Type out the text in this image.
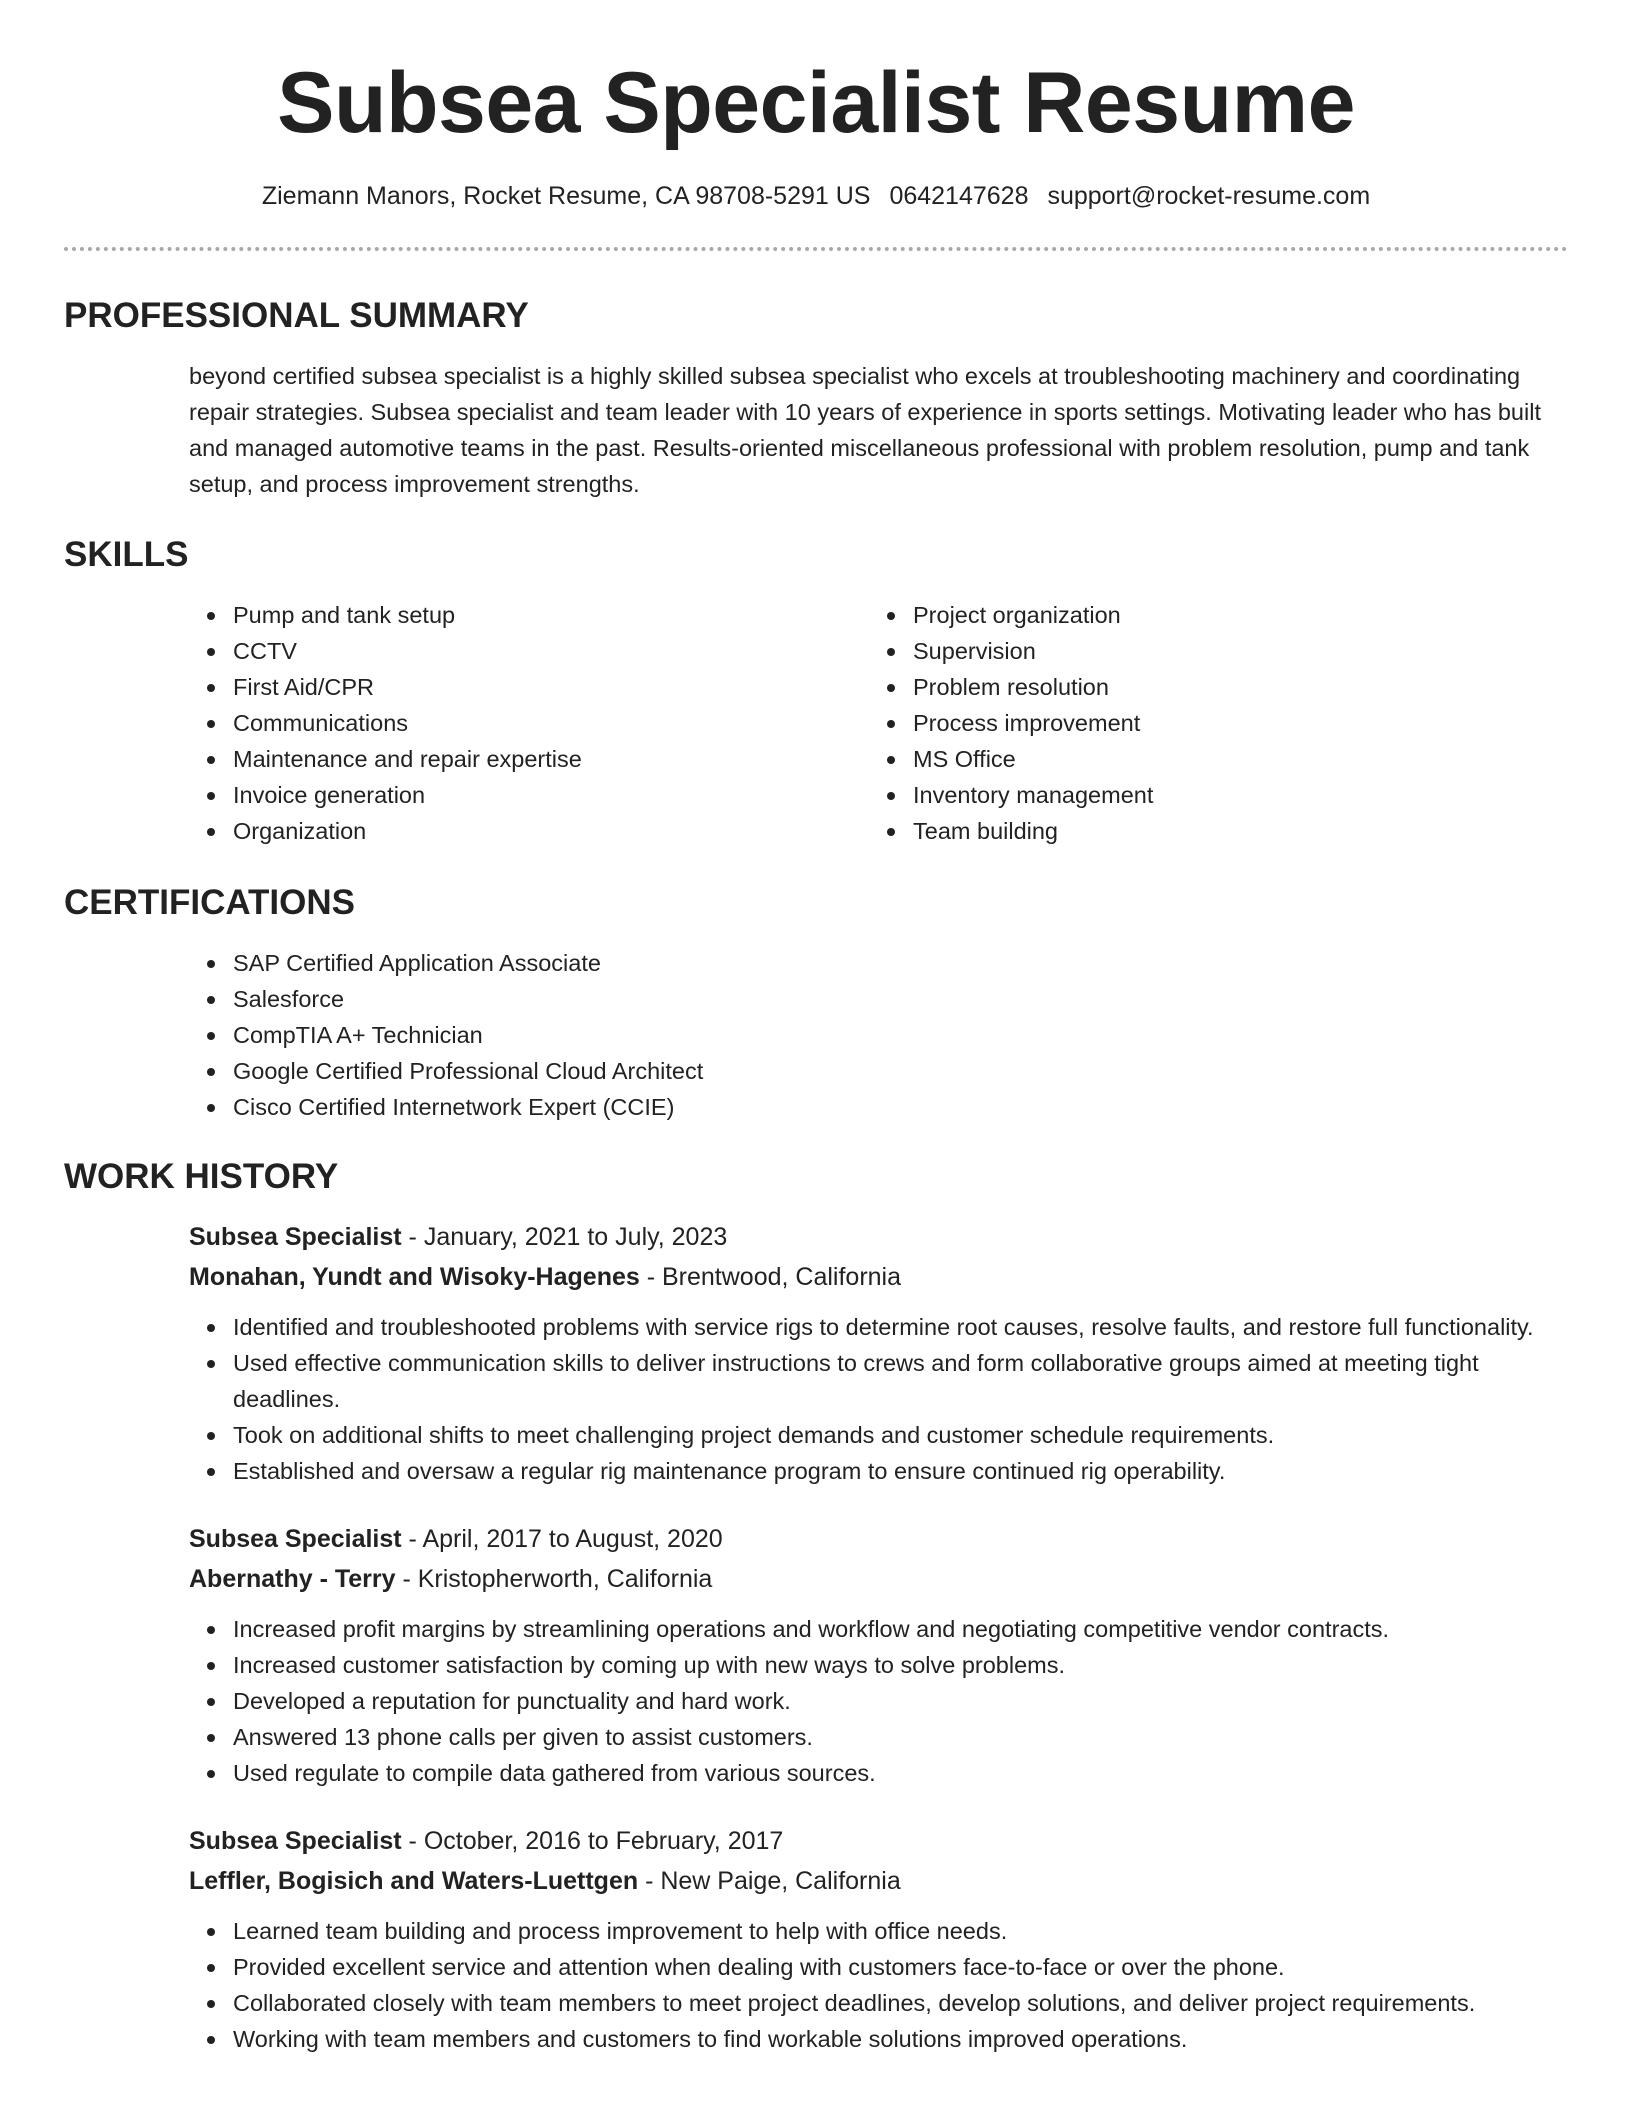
Subsea Specialist Resume
Ziemann Manors, Rocket Resume, CA 98708-5291 US 0642147628 support@rocket-resume.com
PROFESSIONAL SUMMARY
beyond certified subsea specialist is a highly skilled subsea specialist who excels at troubleshooting machinery and coordinating repair strategies. Subsea specialist and team leader with 10 years of experience in sports settings. Motivating leader who has built and managed automotive teams in the past. Results-oriented miscellaneous professional with problem resolution, pump and tank setup, and process improvement strengths.
SKILLS
Pump and tank setup
CCTV
First Aid/CPR
Communications
Maintenance and repair expertise
Invoice generation
Organization
Project organization
Supervision
Problem resolution
Process improvement
MS Office
Inventory management
Team building
CERTIFICATIONS
SAP Certified Application Associate
Salesforce
CompTIA A+ Technician
Google Certified Professional Cloud Architect
Cisco Certified Internetwork Expert (CCIE)
WORK HISTORY
Subsea Specialist - January, 2021 to July, 2023
Monahan, Yundt and Wisoky-Hagenes - Brentwood, California
Identified and troubleshooted problems with service rigs to determine root causes, resolve faults, and restore full functionality.
Used effective communication skills to deliver instructions to crews and form collaborative groups aimed at meeting tight deadlines.
Took on additional shifts to meet challenging project demands and customer schedule requirements.
Established and oversaw a regular rig maintenance program to ensure continued rig operability.
Subsea Specialist - April, 2017 to August, 2020
Abernathy - Terry - Kristopherworth, California
Increased profit margins by streamlining operations and workflow and negotiating competitive vendor contracts.
Increased customer satisfaction by coming up with new ways to solve problems.
Developed a reputation for punctuality and hard work.
Answered 13 phone calls per given to assist customers.
Used regulate to compile data gathered from various sources.
Subsea Specialist - October, 2016 to February, 2017
Leffler, Bogisich and Waters-Luettgen - New Paige, California
Learned team building and process improvement to help with office needs.
Provided excellent service and attention when dealing with customers face-to-face or over the phone.
Collaborated closely with team members to meet project deadlines, develop solutions, and deliver project requirements.
Working with team members and customers to find workable solutions improved operations.
